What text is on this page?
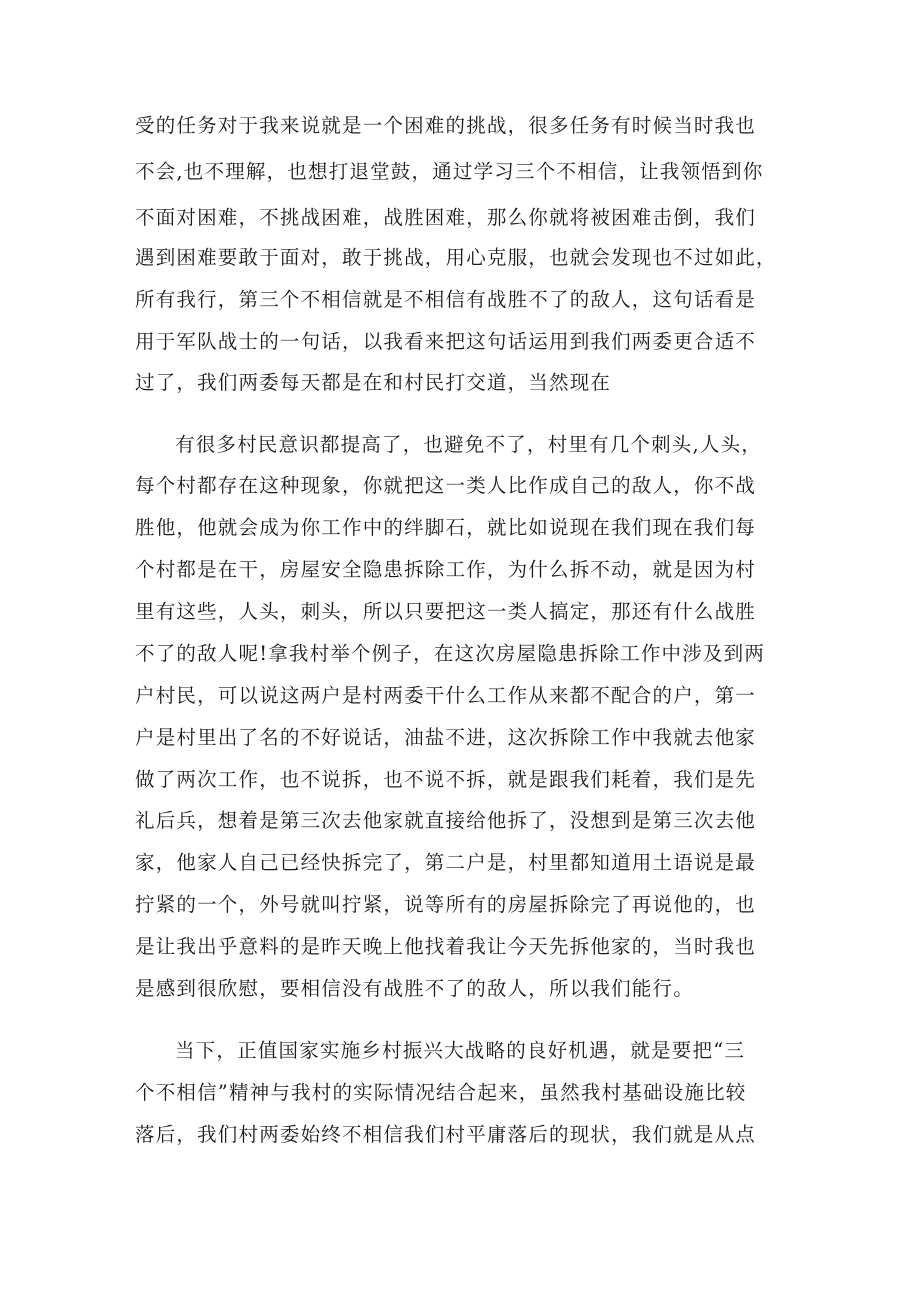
受的任务对于我来说就是一个困难的挑战，很多任务有时候当时我也
不会,也不理解，也想打退堂鼓，通过学习三个不相信，让我领悟到你
不面对困难，不挑战困难，战胜困难，那么你就将被困难击倒，我们
遇到困难要敢于面对，敢于挑战，用心克服，也就会发现也不过如此，
所有我行，第三个不相信就是不相信有战胜不了的敌人，这句话看是
用于军队战士的一句话，以我看来把这句话运用到我们两委更合适不
过了，我们两委每天都是在和村民打交道，当然现在
有很多村民意识都提高了，也避免不了，村里有几个刺头,人头，
每个村都存在这种现象，你就把这一类人比作成自己的敌人，你不战
胜他，他就会成为你工作中的绊脚石，就比如说现在我们现在我们每
个村都是在干，房屋安全隐患拆除工作，为什么拆不动，就是因为村
里有这些，人头，刺头，所以只要把这一类人搞定，那还有什么战胜
不了的敌人呢!拿我村举个例子，在这次房屋隐患拆除工作中涉及到两
户村民，可以说这两户是村两委干什么工作从来都不配合的户，第一
户是村里出了名的不好说话，油盐不进，这次拆除工作中我就去他家
做了两次工作，也不说拆，也不说不拆，就是跟我们耗着，我们是先
礼后兵，想着是第三次去他家就直接给他拆了，没想到是第三次去他
家，他家人自己已经快拆完了，第二户是，村里都知道用土语说是最
拧紧的一个，外号就叫拧紧，说等所有的房屋拆除完了再说他的，也
是让我出乎意料的是昨天晚上他找着我让今天先拆他家的，当时我也
是感到很欣慰，要相信没有战胜不了的敌人，所以我们能行。
当下，正值国家实施乡村振兴大战略的良好机遇，就是要把“三
个不相信”精神与我村的实际情况结合起来，虽然我村基础设施比较
落后，我们村两委始终不相信我们村平庸落后的现状，我们就是从点
